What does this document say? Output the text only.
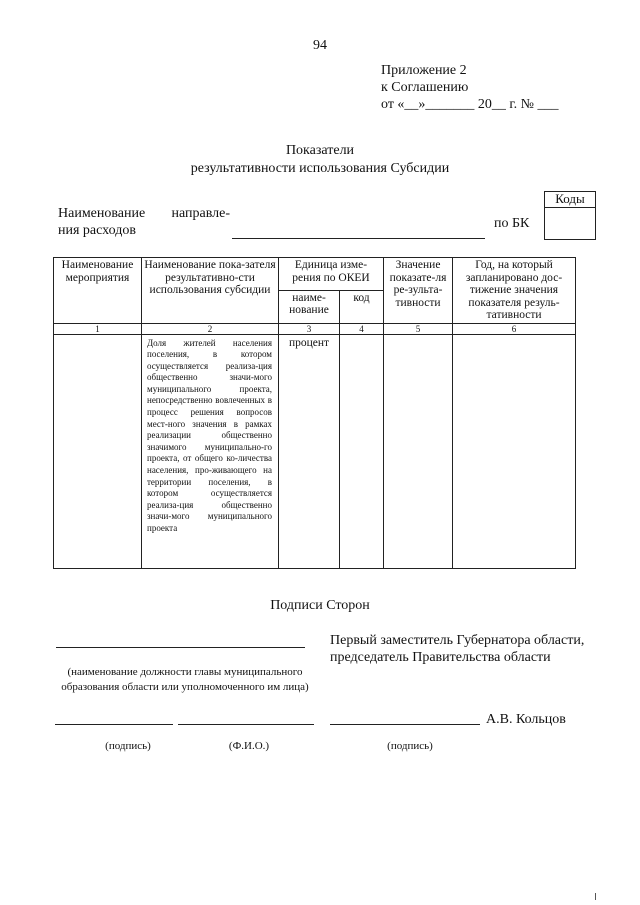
94
Приложение 2
к Соглашению
от «__»_______ 20__ г. № ___
Показатели
результативности использования Субсидии
Коды
Наименование направле-
ния расходов	по БК
Наименование мероприятия	Наименование пока-зателя результативно-сти использования субсидии	Единица изме-рения по ОКЕИ		Значение показате-ля ре-зульта-тивности	Год, на который запланировано дос-тижение значения показателя резуль-тативности
		наиме-нование	код		
1	2	3	4	5	6
	Доля жителей населения поселения, в котором осуществляется реализа-ция общественно значи-мого муниципального проекта, непосредственно вовлеченных в процесс решения вопросов мест-ного значения в рамках реализации общественно значимого муниципально-го проекта, от общего ко-личества населения, про-живающего на территории поселения, в котором осуществляется реализа-ция общественно значи-мого муниципального проекта	процент			
Подписи Сторон
(наименование должности главы муниципального образования области или уполномоченного им лица)
(подпись)	(Ф.И.О.)
Первый заместитель Губернатора области, председатель Правительства области
А.В. Кольцов
(подпись)
